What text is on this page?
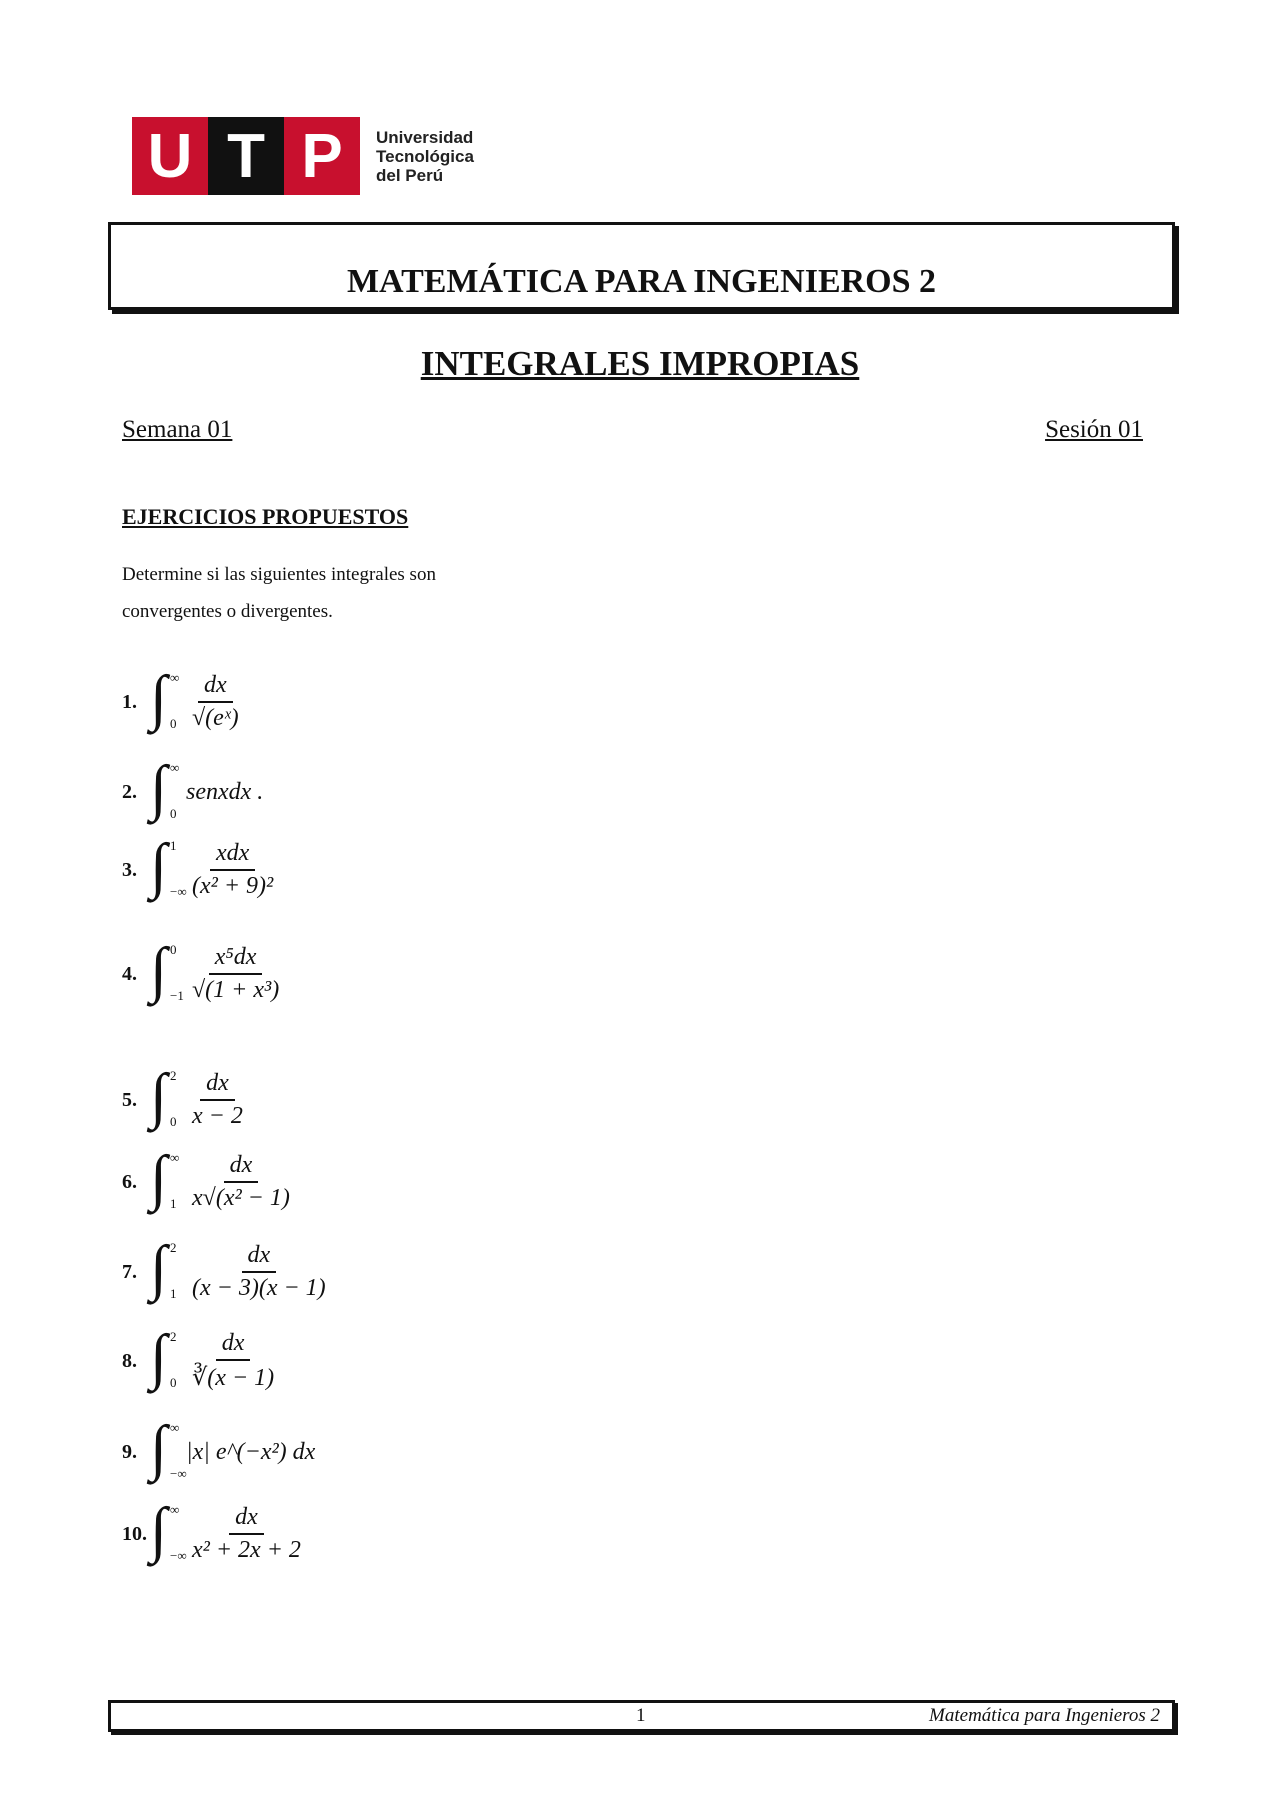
U T P	Universidad
Tecnológica
del Perú
MATEMÁTICA PARA INGENIEROS 2
INTEGRALES IMPROPIAS
Semana 01	Sesión 01
EJERCICIOS PROPUESTOS
Determine si las siguientes integrales son
convergentes o divergentes.
1. ∫ ∞
$0 \frac{dx}{\text{√(eˣ)}}$
2. ∫ ∞
0
senxdx .
3. ∫ 1
−∞ $\frac{\text{xdx}}{\text{(x² + 9)²}}$
4. ∫ 0
$-1 \frac{\text{x⁵dx}}{\text{√(1 + x³)}}$
5. ∫ 2
$0 \frac{dx}{x - 2}$
6. ∫ ∞
$1 \frac{dx}{\text{x√(x² − 1)}}$
7. ∫ 2
$1 \frac{dx}{(x - 3)(x - 1)}$
8. ∫ 2
$0 \frac{dx}{∛(x - 1)}$
9. ∫ ∞
−∞
|x| e^(−x²) dx
10. ∫ ∞
−∞ $\frac{dx}{\text{x² + 2x + 2}}$
1	Matemática para Ingenieros 2
